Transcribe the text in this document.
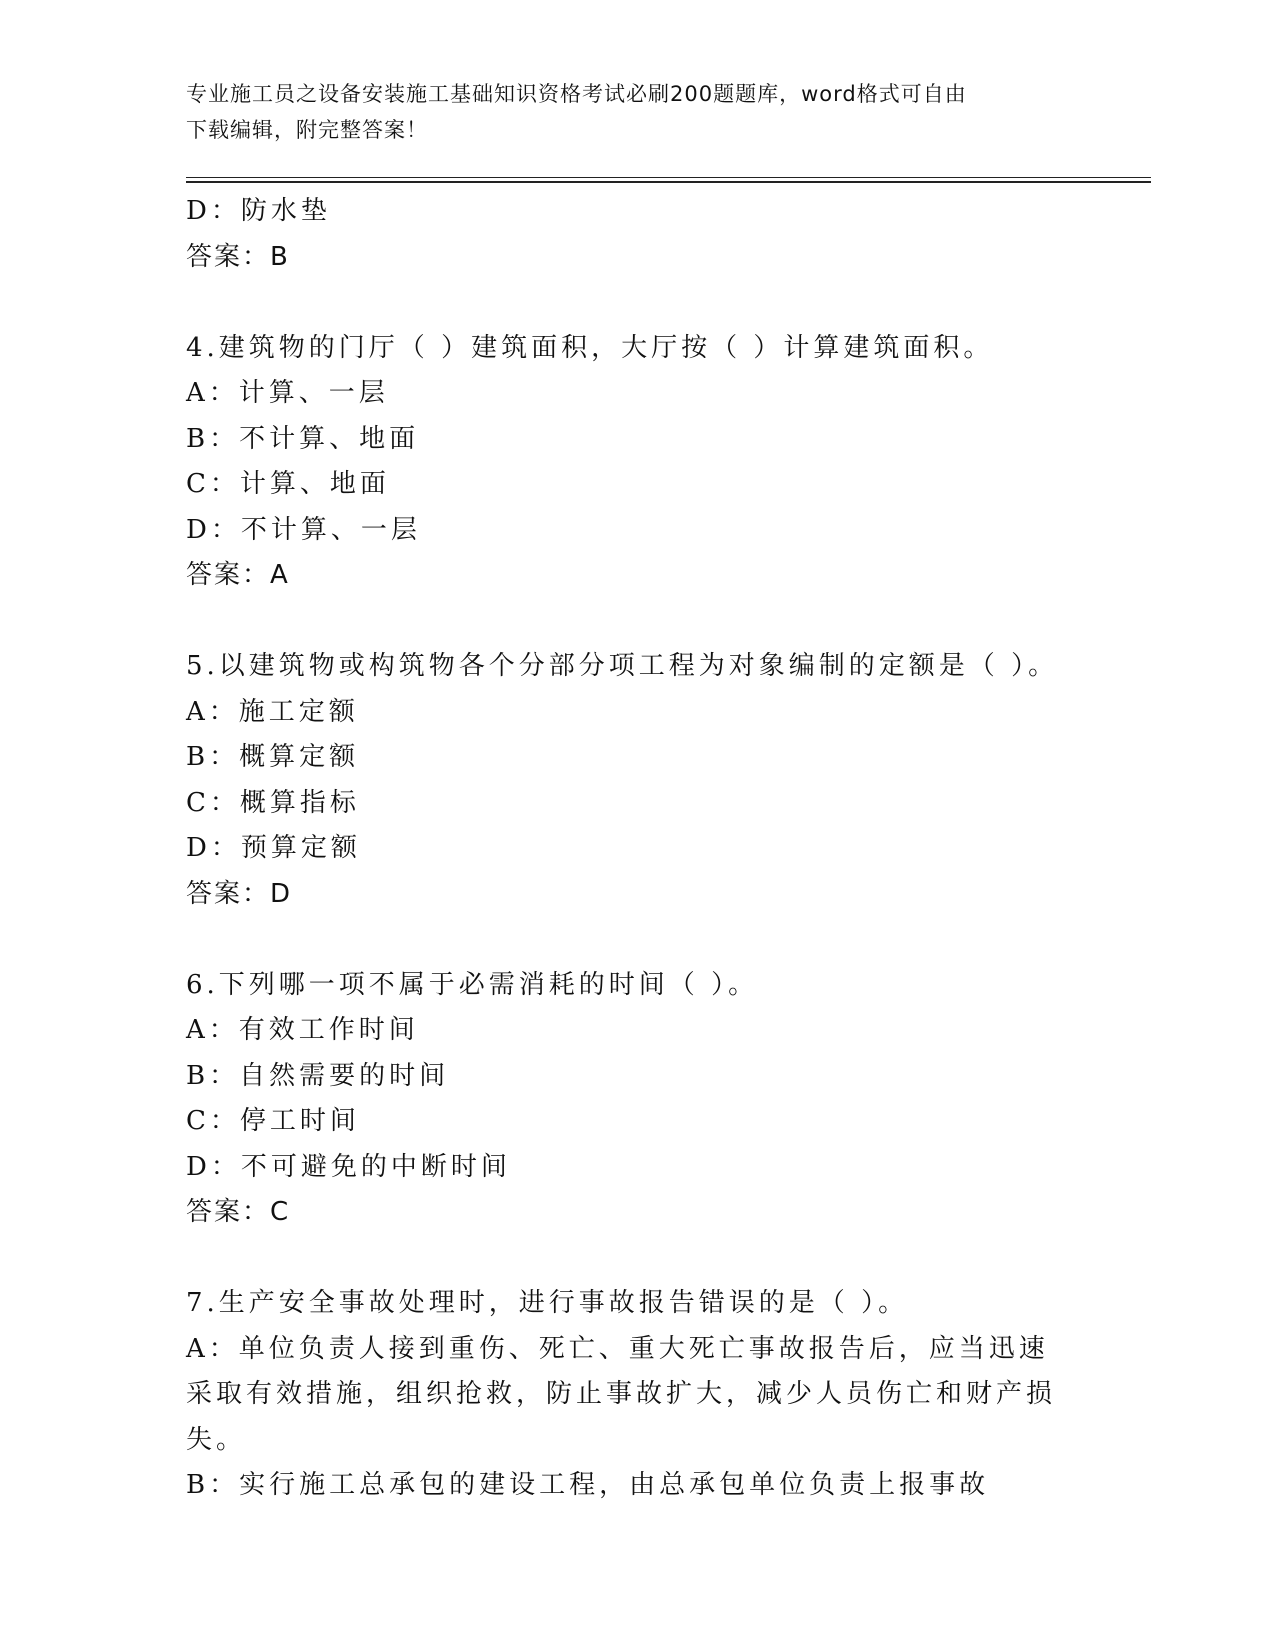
专业施工员之设备安装施工基础知识资格考试必刷200题题库，word格式可自由
下载编辑，附完整答案！
D：防水垫
答案：B
4.建筑物的门厅（ ）建筑面积，大厅按（ ）计算建筑面积。
A：计算、一层
B：不计算、地面
C：计算、地面
D：不计算、一层
答案：A
5.以建筑物或构筑物各个分部分项工程为对象编制的定额是（ ）。
A：施工定额
B：概算定额
C：概算指标
D：预算定额
答案：D
6.下列哪一项不属于必需消耗的时间（ ）。
A：有效工作时间
B：自然需要的时间
C：停工时间
D：不可避免的中断时间
答案：C
7.生产安全事故处理时，进行事故报告错误的是（ ）。
A：单位负责人接到重伤、死亡、重大死亡事故报告后，应当迅速采取有效措施，组织抢救，防止事故扩大，减少人员伤亡和财产损失。
B：实行施工总承包的建设工程，由总承包单位负责上报事故
